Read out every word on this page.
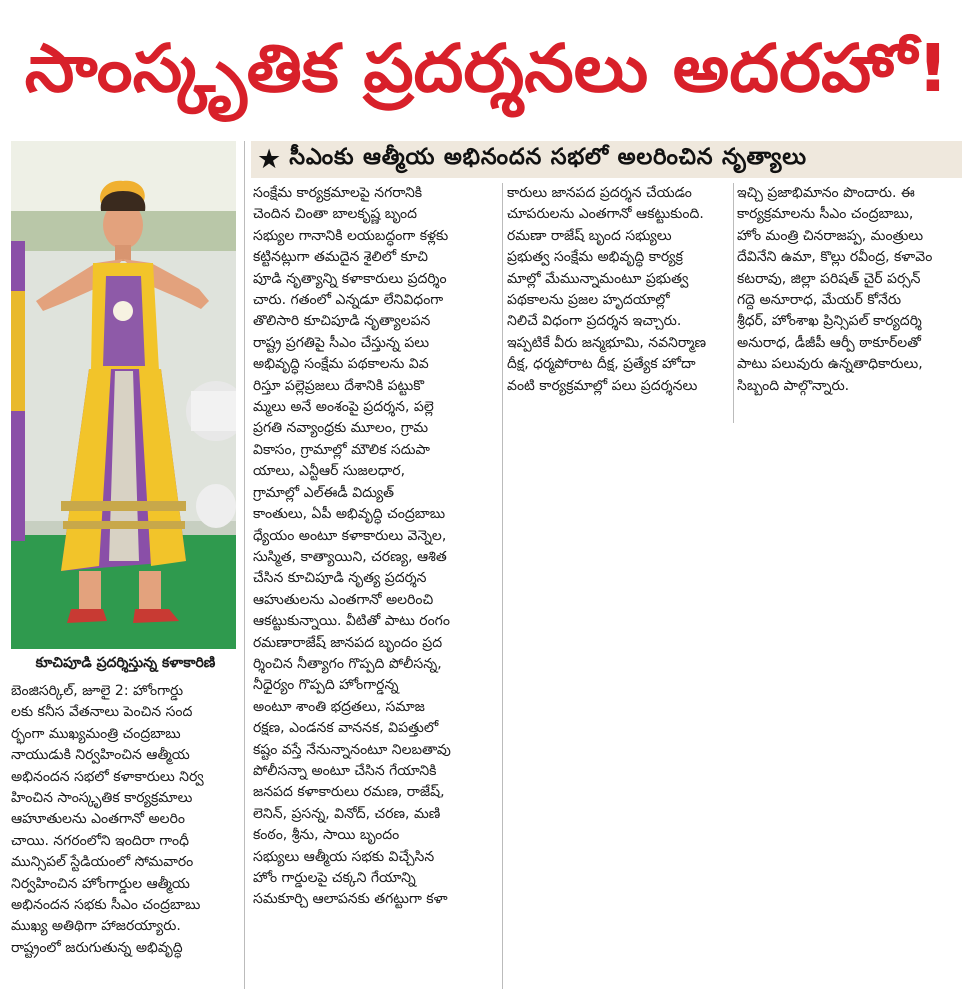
సాంస్కృతిక ప్రదర్శనలు అదరహో!
★ సీఎంకు ఆత్మీయ అభినందన సభలో అలరించిన నృత్యాలు
కూచిపూడి ప్రదర్శిస్తున్న కళాకారిణి

బెంజిసర్కిల్‌, జూలై 2: హోంగార్డు

లకు కనీస వేతనాలు పెంచిన సంద

ర్భంగా ముఖ్యమంత్రి చంద్రబాబు

నాయుడుకి నిర్వహించిన ఆత్మీయ

అభినందన సభలో కళాకారులు నిర్వ

హించిన సాంస్కృతిక కార్యక్రమాలు

ఆహూతులను ఎంతగానో అలరిం

చాయి. నగరంలోని ఇందిరా గాంధీ

మున్సిపల్‌ స్టేడియంలో సోమవారం

నిర్వహించిన హోంగార్డుల ఆత్మీయ

అభినందన సభకు సీఎం చంద్రబాబు

ముఖ్య అతిథిగా హాజరయ్యారు.

రాష్ట్రంలో జరుగుతున్న అభివృద్ధి

సంక్షేమ కార్యక్రమాలపై నగరానికి

చెందిన చింతా బాలకృష్ణ బృంద

సభ్యుల గానానికి లయబద్ధంగా కళ్లకు

కట్టినట్లుగా తమదైన శైలిలో కూచి

పూడి నృత్యాన్ని కళాకారులు ప్రదర్శిం

చారు. గతంలో ఎన్నడూ లేనివిధంగా

తొలిసారి కూచిపూడి నృత్యాలపన

రాష్ట్ర ప్రగతిపై సీఎం చేస్తున్న పలు

అభివృద్ధి సంక్షేమ పథకాలను వివ

రిస్తూ పల్లెప్రజలు దేశానికి పట్టుకొ

మ్మలు అనే అంశంపై ప్రదర్శన, పల్లె

ప్రగతి నవ్యాంధ్రకు మూలం, గ్రామ

వికాసం, గ్రామాల్లో మౌలిక సదుపా

యాలు, ఎన్టీఆర్‌ సుజలధార,

గ్రామాల్లో ఎల్‌ఈడీ విద్యుత్‌

కాంతులు, ఏపీ అభివృద్ధి చంద్రబాబు

ధ్యేయం అంటూ కళాకారులు వెన్నెల,

సుస్మిత, కాత్యాయిని, చరణ్య, ఆశిత

చేసిన కూచిపూడి నృత్య ప్రదర్శన

ఆహుతులను ఎంతగానో అలరించి

ఆకట్టుకున్నాయి. వీటితో పాటు రంగం

రమణారాజేష్‌ జానపద బృందం ప్రద

ర్శించిన నీత్యాగం గొప్పది పోలీసన్న,

నీధైర్యం గొప్పది హోంగార్డన్న

అంటూ శాంతి భద్రతలు, సమాజ

రక్షణ, ఎండనక వాననక, విపత్తులో

కష్టం వస్తే నేనున్నానంటూ నిలబతావు

పోలీసన్నా అంటూ చేసిన గేయానికి

జనపద కళాకారులు రమణ, రాజేష్‌,

లెనిన్‌, ప్రసన్న, వినోద్‌, చరణ, మణి

కంఠం, శ్రీను, సాయి బృందం

సభ్యులు ఆత్మీయ సభకు విచ్చేసిన

హోం గార్డులపై చక్కని గేయాన్ని

సమకూర్చి ఆలాపనకు తగట్టుగా కళా

కారులు జానపద ప్రదర్శన చేయడం

చూపరులను ఎంతగానో ఆకట్టుకుంది.

రమణా రాజేష్‌ బృంద సభ్యులు

ప్రభుత్వ సంక్షేమ అభివృద్ధి కార్యక్ర

మాల్లో మేమున్నామంటూ ప్రభుత్వ

పథకాలను ప్రజల హృదయాల్లో

నిలిచే విధంగా ప్రదర్శన ఇచ్చారు.

ఇప్పటికే వీరు జన్మభూమి, నవనిర్మాణ

దీక్ష, ధర్మపోరాట దీక్ష, ప్రత్యేక హోదా

వంటి కార్యక్రమాల్లో పలు ప్రదర్శనలు

ఇచ్చి ప్రజాభిమానం పొందారు. ఈ

కార్యక్రమాలను సీఎం చంద్రబాబు,

హోం మంత్రి చినరాజప్ప, మంత్రులు

దేవినేని ఉమా, కొల్లు రవీంద్ర, కళావెం

కటరావు, జిల్లా పరిషత్‌ చైర్‌ పర్సన్‌

గద్దె అనూరాధ, మేయర్‌ కోనేరు

శ్రీధర్‌, హోంశాఖ ప్రిన్సిపల్‌ కార్యదర్శి

అనురాధ, డీజీపీ ఆర్పీ ఠాకూర్‌లతో

పాటు పలువురు ఉన్నతాధికారులు,

సిబ్బంది పాల్గొన్నారు.
